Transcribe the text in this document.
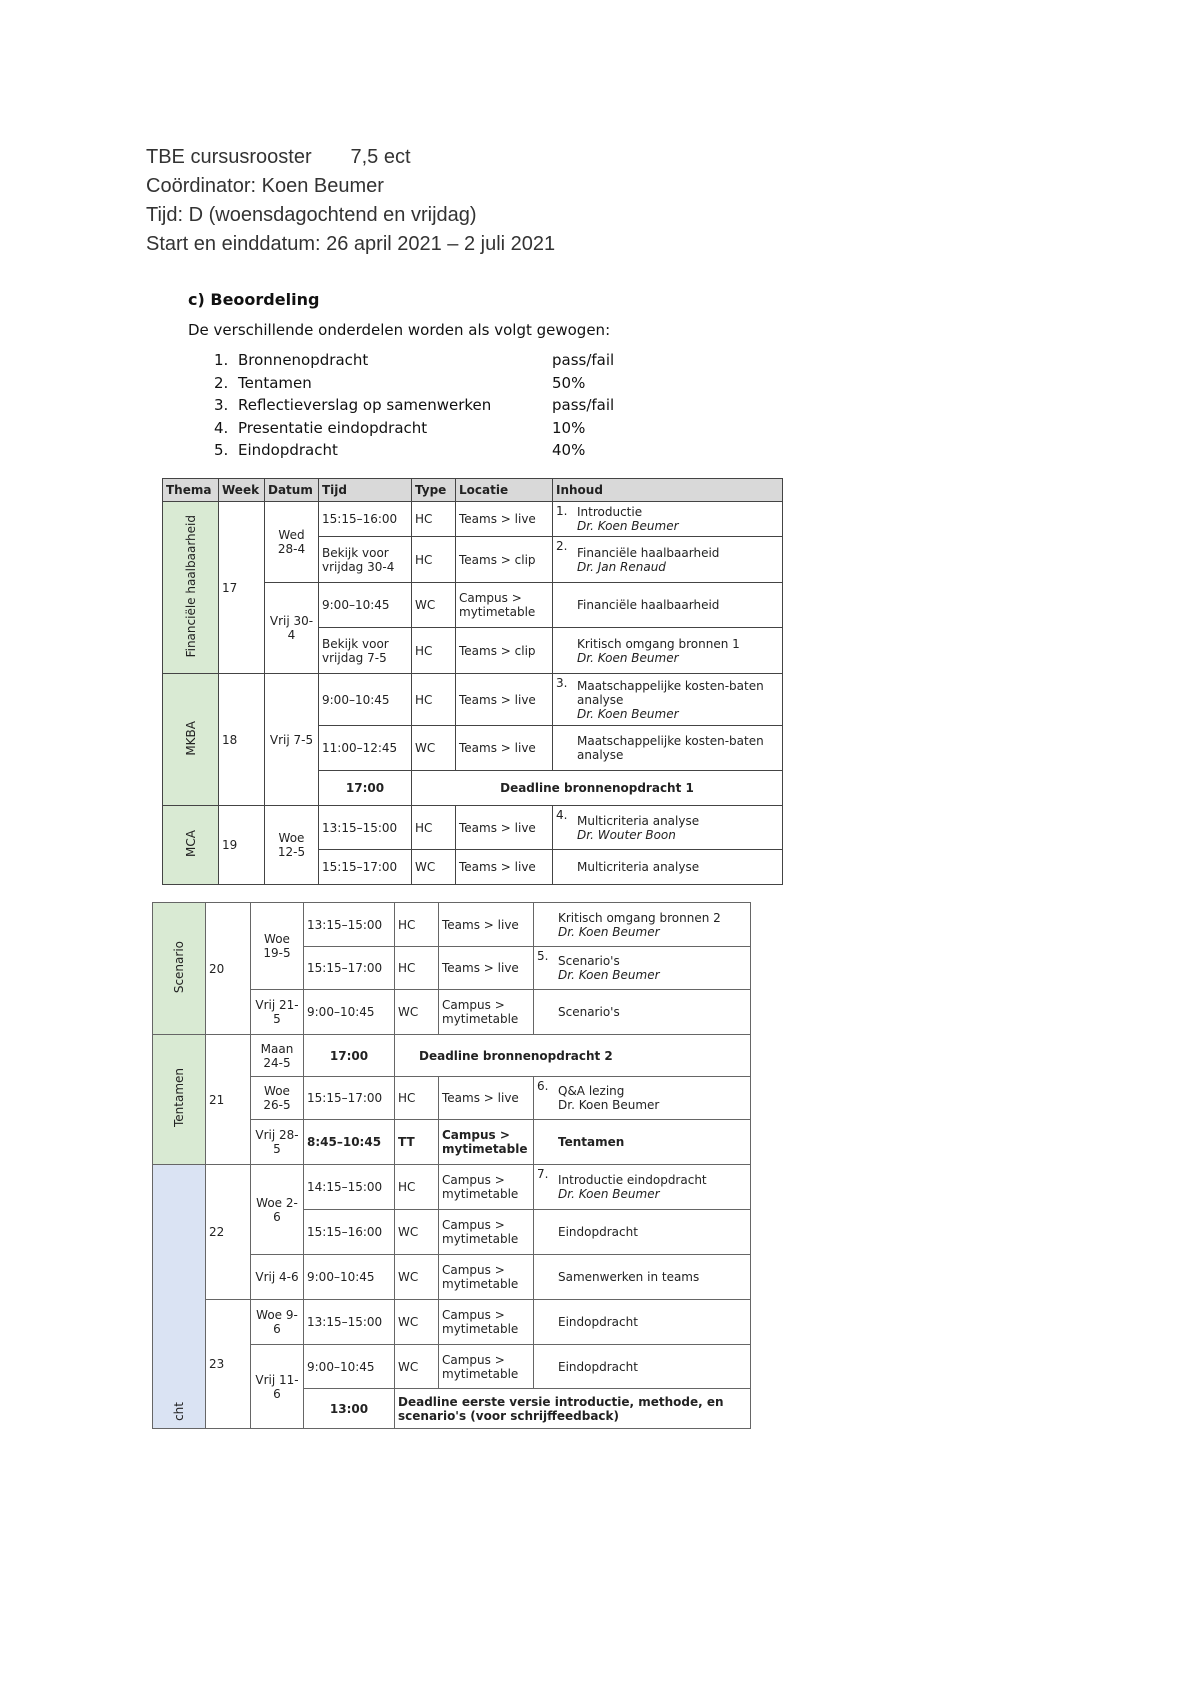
TBE cursusrooster       7,5 ect
Coördinator: Koen Beumer
Tijd: D (woensdagochtend en vrijdag)
Start en einddatum: 26 april 2021 – 2 juli 2021
c) Beoordeling
De verschillende onderdelen worden als volgt gewogen:
1. Bronnenopdracht	pass/fail
2. Tentamen	50%
3. Reflectieverslag op samenwerken	pass/fail
4. Presentatie eindopdracht	10%
5. Eindopdracht	40%
Thema	Week	Datum	Tijd	Type	Locatie	Inhoud
Financiële haalbaarheid	17	Wed 28-4	15:15–16:00	HC	Teams > live	1. Introductie
Dr. Koen Beumer

			Bekijk voor vrijdag 30-4	HC	Teams > clip	2. Financiële haalbaarheid
Dr. Jan Renaud

		Vrij 30-4	9:00–10:45	WC	Campus > mytimetable	Financiële haalbaarheid
			Bekijk voor vrijdag 7-5	HC	Teams > clip	Kritisch omgang bronnen 1
Dr. Koen Beumer

MKBA	18	Vrij 7-5	9:00–10:45	HC	Teams > live	3. Maatschappelijke kosten-baten analyse
Dr. Koen Beumer

			11:00–12:45	WC	Teams > live	Maatschappelijke kosten-baten analyse
			17:00	Deadline bronnenopdracht 1		
MCA	19	Woe 12-5	13:15–15:00	HC	Teams > live	4. Multicriteria analyse
Dr. Wouter Boon

			15:15–17:00	WC	Teams > live	Multicriteria analyse
Scenario	20	Woe 19-5	13:15–15:00	HC	Teams > live	Kritisch omgang bronnen 2
Dr. Koen Beumer

			15:15–17:00	HC	Teams > live	5. Scenario's
Dr. Koen Beumer

		Vrij 21-5	9:00–10:45	WC	Campus > mytimetable	Scenario's
Tentamen	21	Maan 24-5	17:00	Deadline bronnenopdracht 2		
		Woe 26-5	15:15–17:00	HC	Teams > live	6. Q&A lezing
Dr. Koen Beumer

		Vrij 28-5	8:45–10:45	TT	Campus > mytimetable	Tentamen
cht	22	Woe 2-6	14:15–15:00	HC	Campus > mytimetable	7. Introductie eindopdracht
Dr. Koen Beumer

			15:15–16:00	WC	Campus > mytimetable	Eindopdracht
		Vrij 4-6	9:00–10:45	WC	Campus > mytimetable	Samenwerken in teams
	23	Woe 9-6	13:15–15:00	WC	Campus > mytimetable	Eindopdracht
		Vrij 11-6	9:00–10:45	WC	Campus > mytimetable	Eindopdracht
			13:00	Deadline eerste versie introductie, methode, en scenario's (voor schrijffeedback)		
